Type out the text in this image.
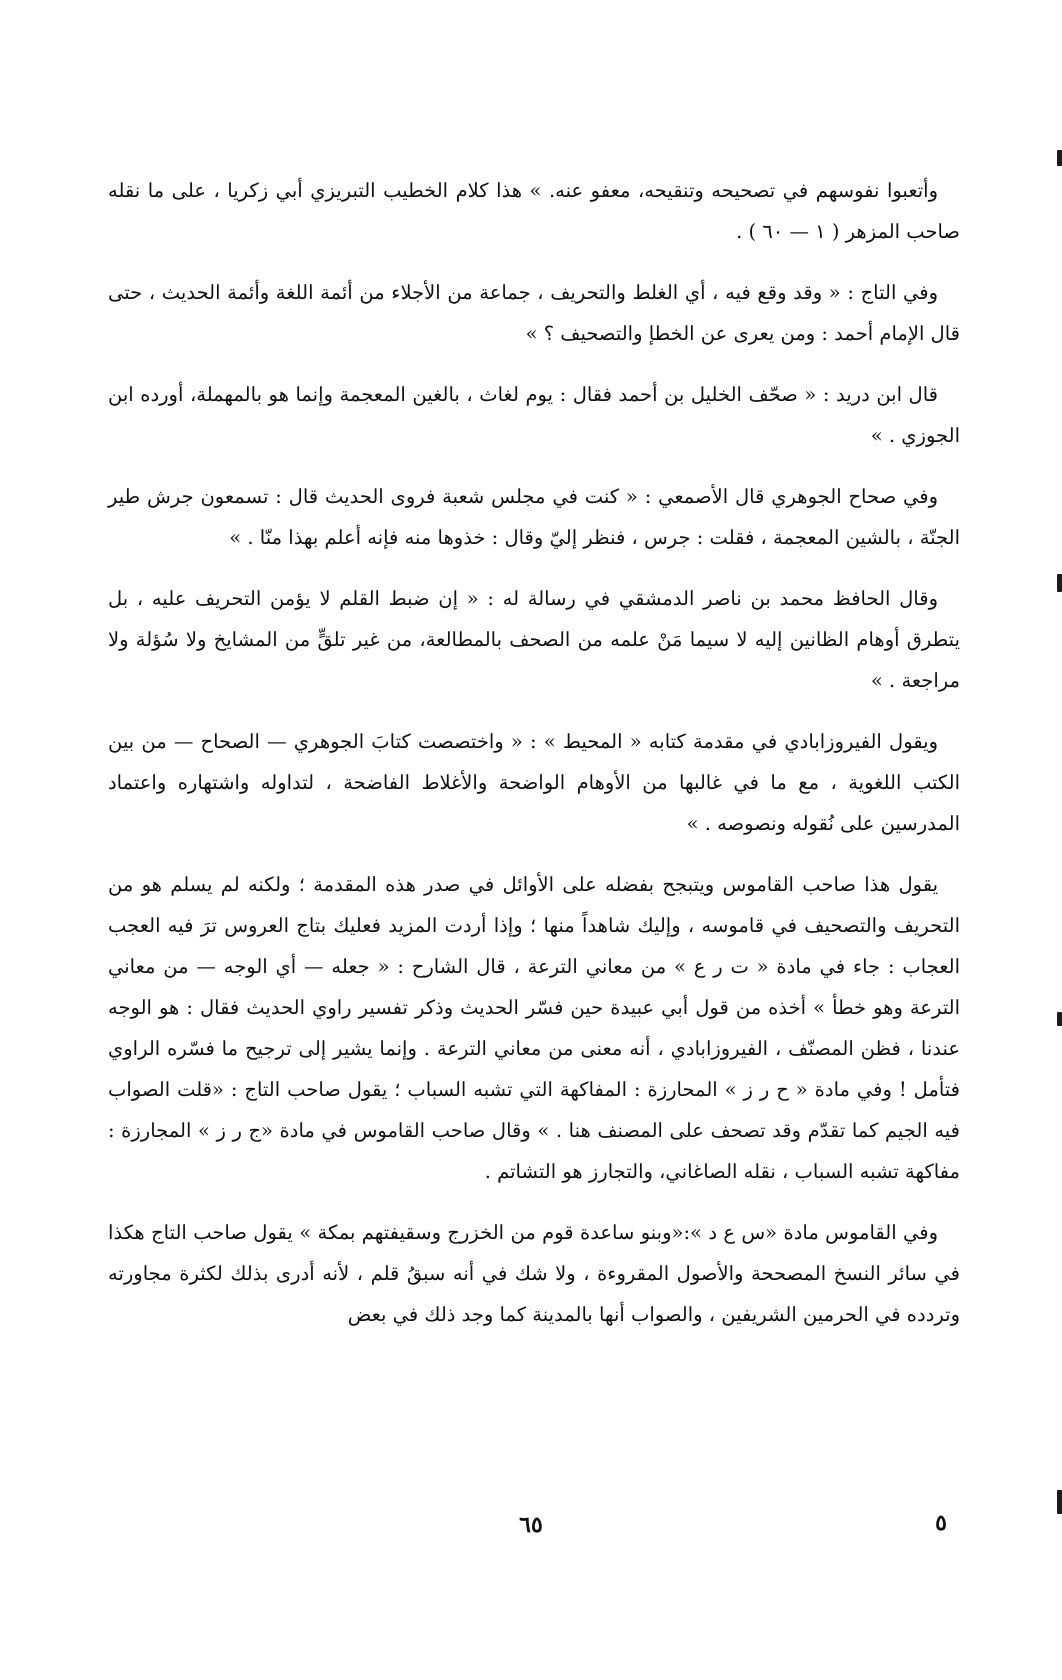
وأتعبوا نفوسهم في تصحيحه وتنقيحه، معفو عنه. » هذا كلام الخطيب التبريزي أبي زكريا ، على ما نقله صاحب المزهر ( ١ — ٦٠ ) .

وفي التاج : « وقد وقع فيه ، أي الغلط والتحريف ، جماعة من الأجلاء من أئمة اللغة وأئمة الحديث ، حتى قال الإمام أحمد : ومن يعرى عن الخطإ والتصحيف ؟ »

قال ابن دريد : « صحّف الخليل بن أحمد فقال : يوم لغاث ، بالغين المعجمة وإنما هو بالمهملة، أورده ابن الجوزي . »

وفي صحاح الجوهري قال الأصمعي : « كنت في مجلس شعبة فروى الحديث قال : تسمعون جرش طير الجنّة ، بالشين المعجمة ، فقلت : جرس ، فنظر إليّ وقال : خذوها منه فإنه أعلم بهذا منّا . »

وقال الحافظ محمد بن ناصر الدمشقي في رسالة له : « إن ضبط القلم لا يؤمن التحريف عليه ، بل يتطرق أوهام الظانين إليه لا سيما مَنْ علمه من الصحف بالمطالعة، من غير تلقٍّ من المشايخ ولا سُؤلة ولا مراجعة . »

ويقول الفيروزابادي في مقدمة كتابه « المحيط » : « واختصصت كتابَ الجوهري — الصحاح — من بين الكتب اللغوية ، مع ما في غالبها من الأوهام الواضحة والأغلاط الفاضحة ، لتداوله واشتهاره واعتماد المدرسين على نُقوله ونصوصه . »

يقول هذا صاحب القاموس ويتبجح بفضله على الأوائل في صدر هذه المقدمة ؛ ولكنه لم يسلم هو من التحريف والتصحيف في قاموسه ، وإليك شاهداً منها ؛ وإذا أردت المزيد فعليك بتاج العروس ترَ فيه العجب العجاب : جاء في مادة « ت ر ع » من معاني الترعة ، قال الشارح : « جعله — أي الوجه — من معاني الترعة وهو خطأ » أخذه من قول أبي عبيدة حين فسّر الحديث وذكر تفسير راوي الحديث فقال : هو الوجه عندنا ، فظن المصنّف ، الفيروزابادي ، أنه معنى من معاني الترعة . وإنما يشير إلى ترجيح ما فسّره الراوي فتأمل ! وفي مادة « ح ر ز » المحارزة : المفاكهة التي تشبه السباب ؛ يقول صاحب التاج : «قلت الصواب فيه الجيم كما تقدّم وقد تصحف على المصنف هنا . » وقال صاحب القاموس في مادة «ج ر ز » المجارزة : مفاكهة تشبه السباب ، نقله الصاغاني، والتجارز هو التشاتم .

وفي القاموس مادة «س ع د »:«وبنو ساعدة قوم من الخزرج وسقيفتهم بمكة » يقول صاحب التاج هكذا في سائر النسخ المصححة والأصول المقروءة ، ولا شك في أنه سبقُ قلم ، لأنه أدرى بذلك لكثرة مجاورته وتردده في الحرمين الشريفين ، والصواب أنها بالمدينة كما وجد ذلك في بعض

٦٥	٥
